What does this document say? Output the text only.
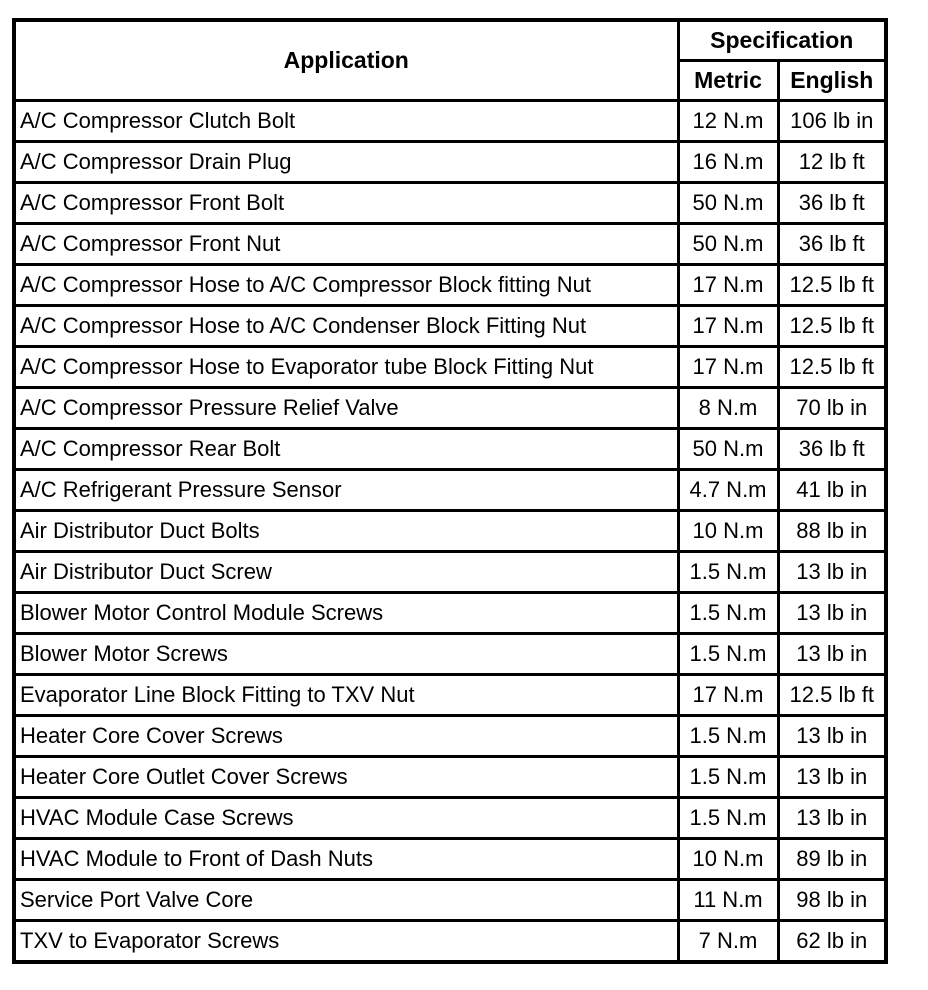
Application	Specification	
	Metric	English
A/C Compressor Clutch Bolt	12 N.m	106 lb in
A/C Compressor Drain Plug	16 N.m	12 lb ft
A/C Compressor Front Bolt	50 N.m	36 lb ft
A/C Compressor Front Nut	50 N.m	36 lb ft
A/C Compressor Hose to A/C Compressor Block fitting Nut	17 N.m	12.5 lb ft
A/C Compressor Hose to A/C Condenser Block Fitting Nut	17 N.m	12.5 lb ft
A/C Compressor Hose to Evaporator tube Block Fitting Nut	17 N.m	12.5 lb ft
A/C Compressor Pressure Relief Valve	8 N.m	70 lb in
A/C Compressor Rear Bolt	50 N.m	36 lb ft
A/C Refrigerant Pressure Sensor	4.7 N.m	41 lb in
Air Distributor Duct Bolts	10 N.m	88 lb in
Air Distributor Duct Screw	1.5 N.m	13 lb in
Blower Motor Control Module Screws	1.5 N.m	13 lb in
Blower Motor Screws	1.5 N.m	13 lb in
Evaporator Line Block Fitting to TXV Nut	17 N.m	12.5 lb ft
Heater Core Cover Screws	1.5 N.m	13 lb in
Heater Core Outlet Cover Screws	1.5 N.m	13 lb in
HVAC Module Case Screws	1.5 N.m	13 lb in
HVAC Module to Front of Dash Nuts	10 N.m	89 lb in
Service Port Valve Core	11 N.m	98 lb in
TXV to Evaporator Screws	7 N.m	62 lb in
